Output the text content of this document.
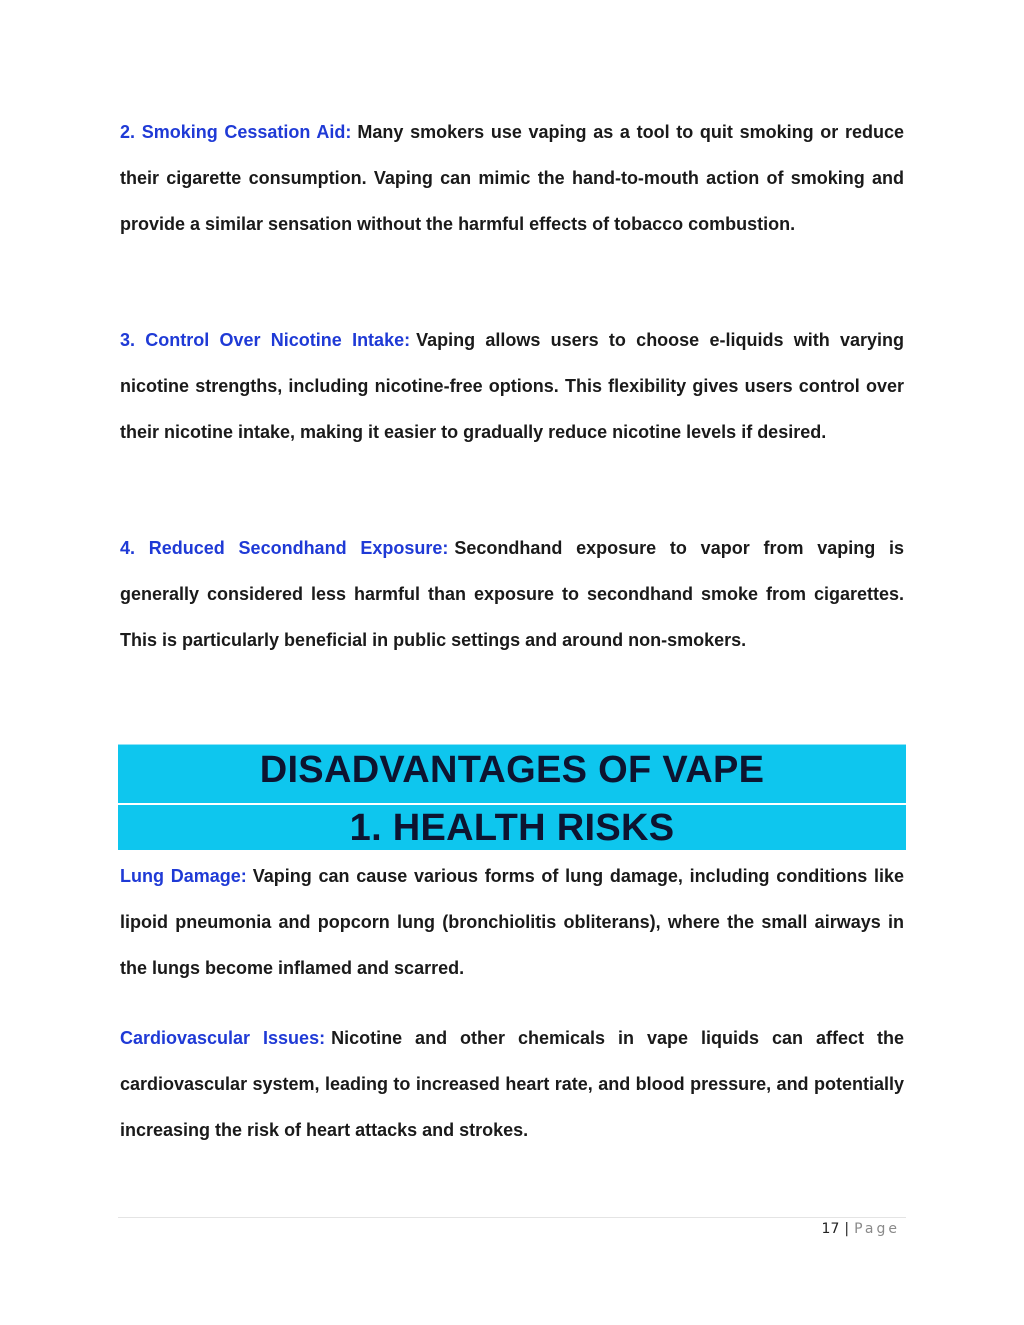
2. Smoking Cessation Aid: Many smokers use vaping as a tool to quit smoking or reduce their cigarette consumption. Vaping can mimic the hand-to-mouth action of smoking and provide a similar sensation without the harmful effects of tobacco combustion.

3. Control Over Nicotine Intake: Vaping allows users to choose e-liquids with varying nicotine strengths, including nicotine-free options. This flexibility gives users control over their nicotine intake, making it easier to gradually reduce nicotine levels if desired.

4. Reduced Secondhand Exposure: Secondhand exposure to vapor from vaping is generally considered less harmful than exposure to secondhand smoke from cigarettes. This is particularly beneficial in public settings and around non-smokers.

DISADVANTAGES OF VAPE
1. HEALTH RISKS

Lung Damage: Vaping can cause various forms of lung damage, including conditions like lipoid pneumonia and popcorn lung (bronchiolitis obliterans), where the small airways in the lungs become inflamed and scarred.

Cardiovascular Issues: Nicotine and other chemicals in vape liquids can affect the cardiovascular system, leading to increased heart rate, and blood pressure, and potentially increasing the risk of heart attacks and strokes.

17 | Page
